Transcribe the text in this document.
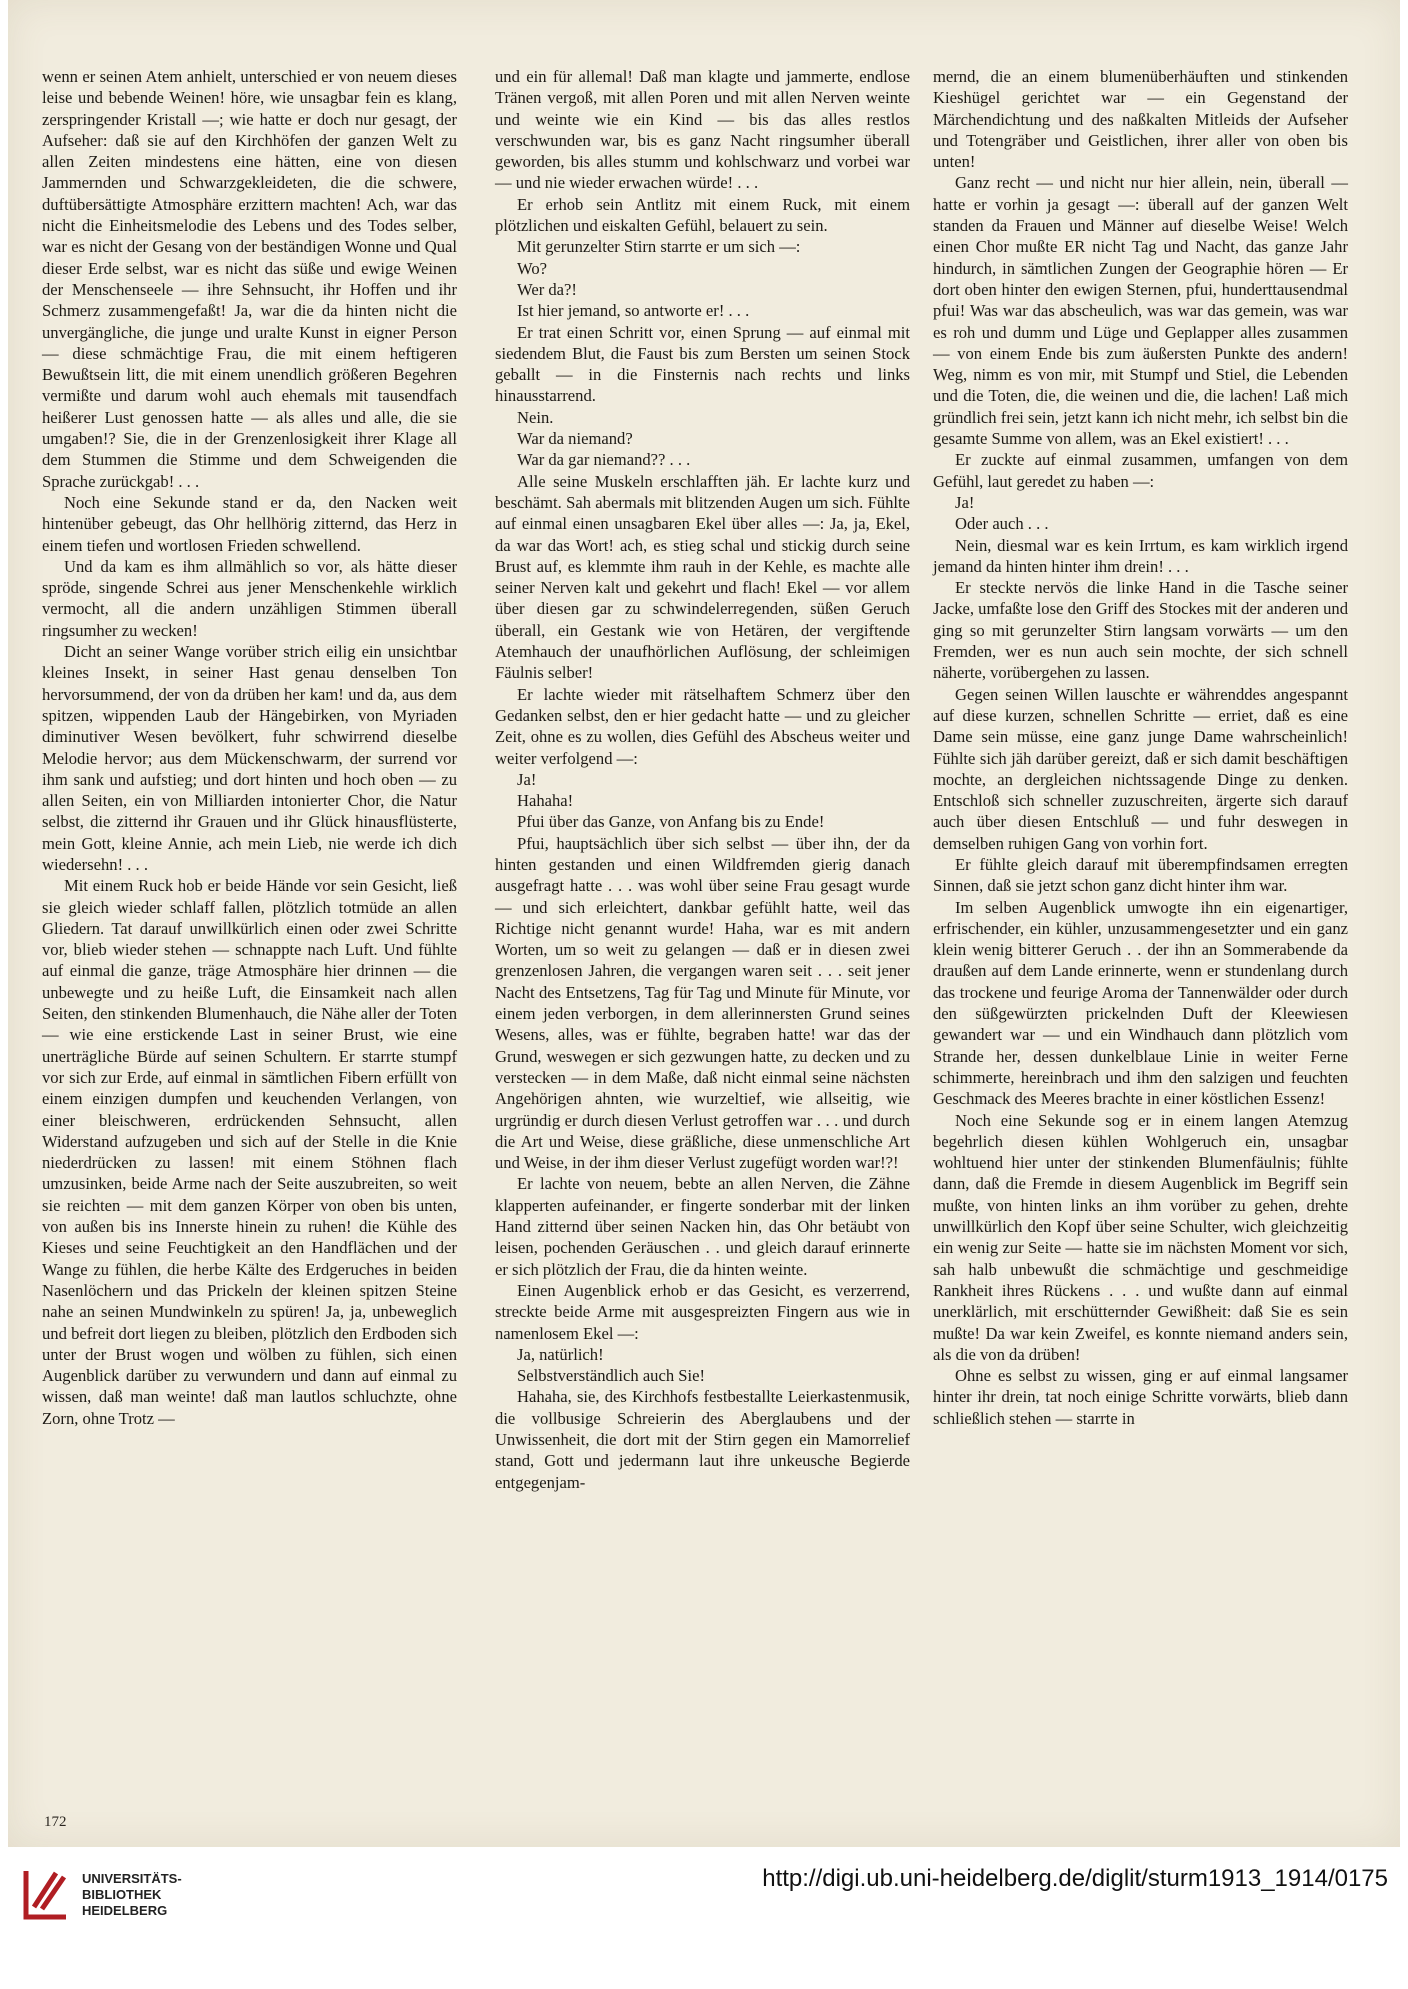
wenn er seinen Atem anhielt, unterschied er von neuem dieses leise und bebende Weinen! höre, wie unsagbar fein es klang, zerspringender Kristall —; wie hatte er doch nur gesagt, der Aufseher: daß sie auf den Kirchhöfen der ganzen Welt zu allen Zeiten mindestens eine hätten, eine von diesen Jammernden und Schwarzgekleideten, die die schwere, duftübersättigte Atmosphäre erzittern machten! Ach, war das nicht die Einheitsmelodie des Lebens und des Todes selber, war es nicht der Gesang von der beständigen Wonne und Qual dieser Erde selbst, war es nicht das süße und ewige Weinen der Menschenseele — ihre Sehnsucht, ihr Hoffen und ihr Schmerz zusammengefaßt! Ja, war die da hinten nicht die unvergängliche, die junge und uralte Kunst in eigner Person — diese schmächtige Frau, die mit einem heftigeren Bewußtsein litt, die mit einem unendlich größeren Begehren vermißte und darum wohl auch ehemals mit tausendfach heißerer Lust genossen hatte — als alles und alle, die sie umgaben!? Sie, die in der Grenzenlosigkeit ihrer Klage all dem Stummen die Stimme und dem Schweigenden die Sprache zurückgab! . . .

Noch eine Sekunde stand er da, den Nacken weit hintenüber gebeugt, das Ohr hellhörig zitternd, das Herz in einem tiefen und wortlosen Frieden schwellend.

Und da kam es ihm allmählich so vor, als hätte dieser spröde, singende Schrei aus jener Menschenkehle wirklich vermocht, all die andern unzähligen Stimmen überall ringsumher zu wecken!

Dicht an seiner Wange vorüber strich eilig ein unsichtbar kleines Insekt, in seiner Hast genau denselben Ton hervorsummend, der von da drüben her kam! und da, aus dem spitzen, wippenden Laub der Hängebirken, von Myriaden diminutiver Wesen bevölkert, fuhr schwirrend dieselbe Melodie hervor; aus dem Mückenschwarm, der surrend vor ihm sank und aufstieg; und dort hinten und hoch oben — zu allen Seiten, ein von Milliarden intonierter Chor, die Natur selbst, die zitternd ihr Grauen und ihr Glück hinausflüsterte, mein Gott, kleine Annie, ach mein Lieb, nie werde ich dich wiedersehn! . . .

Mit einem Ruck hob er beide Hände vor sein Gesicht, ließ sie gleich wieder schlaff fallen, plötzlich totmüde an allen Gliedern. Tat darauf unwillkürlich einen oder zwei Schritte vor, blieb wieder stehen — schnappte nach Luft. Und fühlte auf einmal die ganze, träge Atmosphäre hier drinnen — die unbewegte und zu heiße Luft, die Einsamkeit nach allen Seiten, den stinkenden Blumenhauch, die Nähe aller der Toten — wie eine erstickende Last in seiner Brust, wie eine unerträgliche Bürde auf seinen Schultern. Er starrte stumpf vor sich zur Erde, auf einmal in sämtlichen Fibern erfüllt von einem einzigen dumpfen und keuchenden Verlangen, von einer bleischweren, erdrückenden Sehnsucht, allen Widerstand aufzugeben und sich auf der Stelle in die Knie niederdrücken zu lassen! mit einem Stöhnen flach umzusinken, beide Arme nach der Seite auszubreiten, so weit sie reichten — mit dem ganzen Körper von oben bis unten, von außen bis ins Innerste hinein zu ruhen! die Kühle des Kieses und seine Feuchtigkeit an den Handflächen und der Wange zu fühlen, die herbe Kälte des Erdgeruches in beiden Nasenlöchern und das Prickeln der kleinen spitzen Steine nahe an seinen Mundwinkeln zu spüren! Ja, ja, unbeweglich und befreit dort liegen zu bleiben, plötzlich den Erdboden sich unter der Brust wogen und wölben zu fühlen, sich einen Augenblick darüber zu verwundern und dann auf einmal zu wissen, daß man weinte! daß man lautlos schluchzte, ohne Zorn, ohne Trotz —

und ein für allemal! Daß man klagte und jammerte, endlose Tränen vergoß, mit allen Poren und mit allen Nerven weinte und weinte wie ein Kind — bis das alles restlos verschwunden war, bis es ganz Nacht ringsumher überall geworden, bis alles stumm und kohlschwarz und vorbei war — und nie wieder erwachen würde! . . .

Er erhob sein Antlitz mit einem Ruck, mit einem plötzlichen und eiskalten Gefühl, belauert zu sein.

Mit gerunzelter Stirn starrte er um sich —:

Wo?

Wer da?!

Ist hier jemand, so antworte er! . . .

Er trat einen Schritt vor, einen Sprung — auf einmal mit siedendem Blut, die Faust bis zum Bersten um seinen Stock geballt — in die Finsternis nach rechts und links hinausstarrend.

Nein.

War da niemand?

War da gar niemand?? . . .

Alle seine Muskeln erschlafften jäh. Er lachte kurz und beschämt. Sah abermals mit blitzenden Augen um sich. Fühlte auf einmal einen unsagbaren Ekel über alles —: Ja, ja, Ekel, da war das Wort! ach, es stieg schal und stickig durch seine Brust auf, es klemmte ihm rauh in der Kehle, es machte alle seiner Nerven kalt und gekehrt und flach! Ekel — vor allem über diesen gar zu schwindelerregenden, süßen Geruch überall, ein Gestank wie von Hetären, der vergiftende Atemhauch der unaufhörlichen Auflösung, der schleimigen Fäulnis selber!

Er lachte wieder mit rätselhaftem Schmerz über den Gedanken selbst, den er hier gedacht hatte — und zu gleicher Zeit, ohne es zu wollen, dies Gefühl des Abscheus weiter und weiter verfolgend —:

Ja!

Hahaha!

Pfui über das Ganze, von Anfang bis zu Ende!

Pfui, hauptsächlich über sich selbst — über ihn, der da hinten gestanden und einen Wildfremden gierig danach ausgefragt hatte . . . was wohl über seine Frau gesagt wurde — und sich erleichtert, dankbar gefühlt hatte, weil das Richtige nicht genannt wurde! Haha, war es mit andern Worten, um so weit zu gelangen — daß er in diesen zwei grenzenlosen Jahren, die vergangen waren seit . . . seit jener Nacht des Entsetzens, Tag für Tag und Minute für Minute, vor einem jeden verborgen, in dem allerinnersten Grund seines Wesens, alles, was er fühlte, begraben hatte! war das der Grund, weswegen er sich gezwungen hatte, zu decken und zu verstecken — in dem Maße, daß nicht einmal seine nächsten Angehörigen ahnten, wie wurzeltief, wie allseitig, wie urgründig er durch diesen Verlust getroffen war . . . und durch die Art und Weise, diese gräßliche, diese unmenschliche Art und Weise, in der ihm dieser Verlust zugefügt worden war!?!

Er lachte von neuem, bebte an allen Nerven, die Zähne klapperten aufeinander, er fingerte sonderbar mit der linken Hand zitternd über seinen Nacken hin, das Ohr betäubt von leisen, pochenden Geräuschen . . und gleich darauf erinnerte er sich plötzlich der Frau, die da hinten weinte.

Einen Augenblick erhob er das Gesicht, es verzerrend, streckte beide Arme mit ausgespreizten Fingern aus wie in namenlosem Ekel —:

Ja, natürlich!

Selbstverständlich auch Sie!

Hahaha, sie, des Kirchhofs festbestallte Leierkastenmusik, die vollbusige Schreierin des Aberglaubens und der Unwissenheit, die dort mit der Stirn gegen ein Mamorrelief stand, Gott und jedermann laut ihre unkeusche Begierde entgegenjam-

mernd, die an einem blumenüberhäuften und stinkenden Kieshügel gerichtet war — ein Gegenstand der Märchendichtung und des naßkalten Mitleids der Aufseher und Totengräber und Geistlichen, ihrer aller von oben bis unten!

Ganz recht — und nicht nur hier allein, nein, überall — hatte er vorhin ja gesagt —: überall auf der ganzen Welt standen da Frauen und Männer auf dieselbe Weise! Welch einen Chor mußte ER nicht Tag und Nacht, das ganze Jahr hindurch, in sämtlichen Zungen der Geographie hören — Er dort oben hinter den ewigen Sternen, pfui, hunderttausendmal pfui! Was war das abscheulich, was war das gemein, was war es roh und dumm und Lüge und Geplapper alles zusammen — von einem Ende bis zum äußersten Punkte des andern! Weg, nimm es von mir, mit Stumpf und Stiel, die Lebenden und die Toten, die, die weinen und die, die lachen! Laß mich gründlich frei sein, jetzt kann ich nicht mehr, ich selbst bin die gesamte Summe von allem, was an Ekel existiert! . . .

Er zuckte auf einmal zusammen, umfangen von dem Gefühl, laut geredet zu haben —:

Ja!

Oder auch . . .

Nein, diesmal war es kein Irrtum, es kam wirklich irgend jemand da hinten hinter ihm drein! . . .

Er steckte nervös die linke Hand in die Tasche seiner Jacke, umfaßte lose den Griff des Stockes mit der anderen und ging so mit gerunzelter Stirn langsam vorwärts — um den Fremden, wer es nun auch sein mochte, der sich schnell näherte, vorübergehen zu lassen.

Gegen seinen Willen lauschte er währenddes angespannt auf diese kurzen, schnellen Schritte — erriet, daß es eine Dame sein müsse, eine ganz junge Dame wahrscheinlich! Fühlte sich jäh darüber gereizt, daß er sich damit beschäftigen mochte, an dergleichen nichtssagende Dinge zu denken. Entschloß sich schneller zuzuschreiten, ärgerte sich darauf auch über diesen Entschluß — und fuhr deswegen in demselben ruhigen Gang von vorhin fort.

Er fühlte gleich darauf mit überempfindsamen erregten Sinnen, daß sie jetzt schon ganz dicht hinter ihm war.

Im selben Augenblick umwogte ihn ein eigenartiger, erfrischender, ein kühler, unzusammengesetzter und ein ganz klein wenig bitterer Geruch . . der ihn an Sommerabende da draußen auf dem Lande erinnerte, wenn er stundenlang durch das trockene und feurige Aroma der Tannenwälder oder durch den süßgewürzten prickelnden Duft der Kleewiesen gewandert war — und ein Windhauch dann plötzlich vom Strande her, dessen dunkelblaue Linie in weiter Ferne schimmerte, hereinbrach und ihm den salzigen und feuchten Geschmack des Meeres brachte in einer köstlichen Essenz!

Noch eine Sekunde sog er in einem langen Atemzug begehrlich diesen kühlen Wohlgeruch ein, unsagbar wohltuend hier unter der stinkenden Blumenfäulnis; fühlte dann, daß die Fremde in diesem Augenblick im Begriff sein mußte, von hinten links an ihm vorüber zu gehen, drehte unwillkürlich den Kopf über seine Schulter, wich gleichzeitig ein wenig zur Seite — hatte sie im nächsten Moment vor sich, sah halb unbewußt die schmächtige und geschmeidige Rankheit ihres Rückens . . . und wußte dann auf einmal unerklärlich, mit erschütternder Gewißheit: daß Sie es sein mußte! Da war kein Zweifel, es konnte niemand anders sein, als die von da drüben!

Ohne es selbst zu wissen, ging er auf einmal langsamer hinter ihr drein, tat noch einige Schritte vorwärts, blieb dann schließlich stehen — starrte in

172
UNIVERSITÄTS-
BIBLIOTHEK
HEIDELBERG
http://digi.ub.uni-heidelberg.de/diglit/sturm1913_1914/0175
